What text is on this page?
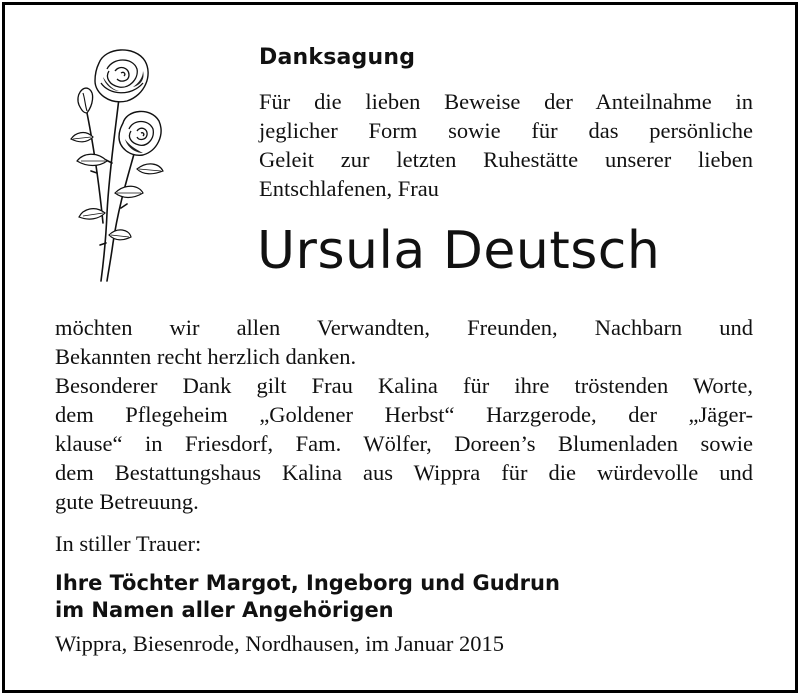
Danksagung
Für die lieben Beweise der Anteilnahme in
jeglicher Form sowie für das persönliche
Geleit zur letzten Ruhestätte unserer lieben
Entschlafenen, Frau
Ursula Deutsch
möchten wir allen Verwandten, Freunden, Nachbarn und
Bekannten recht herzlich danken.
Besonderer Dank gilt Frau Kalina für ihre tröstenden Worte,
dem Pflegeheim „Goldener Herbst“ Harzgerode, der „Jäger-
klause“ in Friesdorf, Fam. Wölfer, Doreen’s Blumenladen sowie
dem Bestattungshaus Kalina aus Wippra für die würdevolle und
gute Betreuung.
In stiller Trauer:
Ihre Töchter Margot, Ingeborg und Gudrun
im Namen aller Angehörigen
Wippra, Biesenrode, Nordhausen, im Januar 2015
